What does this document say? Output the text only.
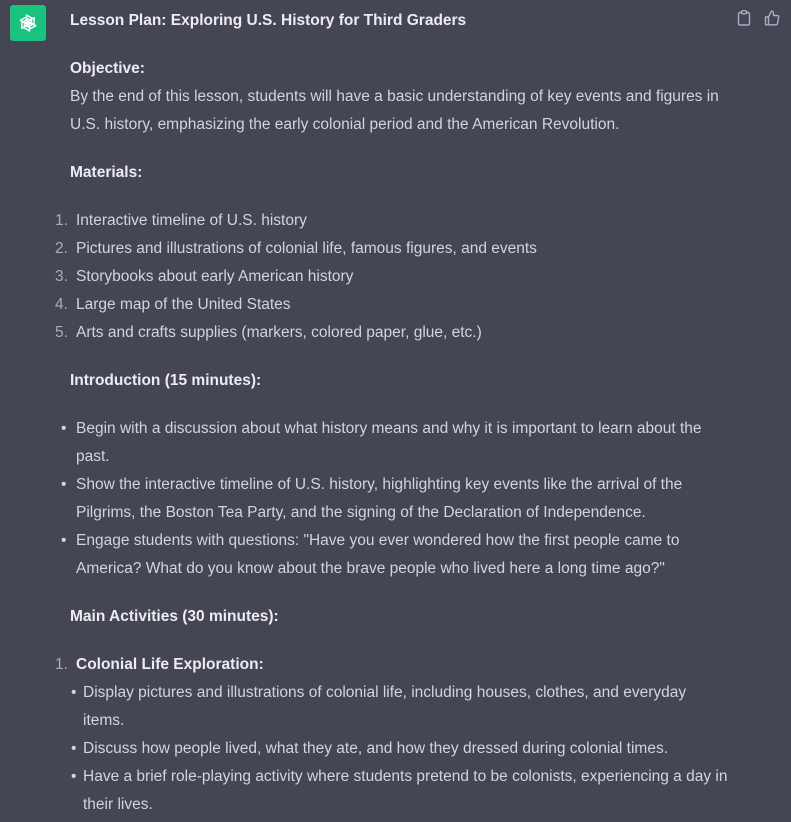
Lesson Plan: Exploring U.S. History for Third Graders

Objective:

By the end of this lesson, students will have a basic understanding of key events and figures in U.S. history, emphasizing the early colonial period and the American Revolution.

Materials:

1. Interactive timeline of U.S. history
2. Pictures and illustrations of colonial life, famous figures, and events
3. Storybooks about early American history
4. Large map of the United States
5. Arts and crafts supplies (markers, colored paper, glue, etc.)

Introduction (15 minutes):

• Begin with a discussion about what history means and why it is important to learn about the past.
• Show the interactive timeline of U.S. history, highlighting key events like the arrival of the Pilgrims, the Boston Tea Party, and the signing of the Declaration of Independence.
• Engage students with questions: "Have you ever wondered how the first people came to America? What do you know about the brave people who lived here a long time ago?"

Main Activities (30 minutes):

1. Colonial Life Exploration:
• Display pictures and illustrations of colonial life, including houses, clothes, and everyday items.
• Discuss how people lived, what they ate, and how they dressed during colonial times.
• Have a brief role-playing activity where students pretend to be colonists, experiencing a day in their lives.
